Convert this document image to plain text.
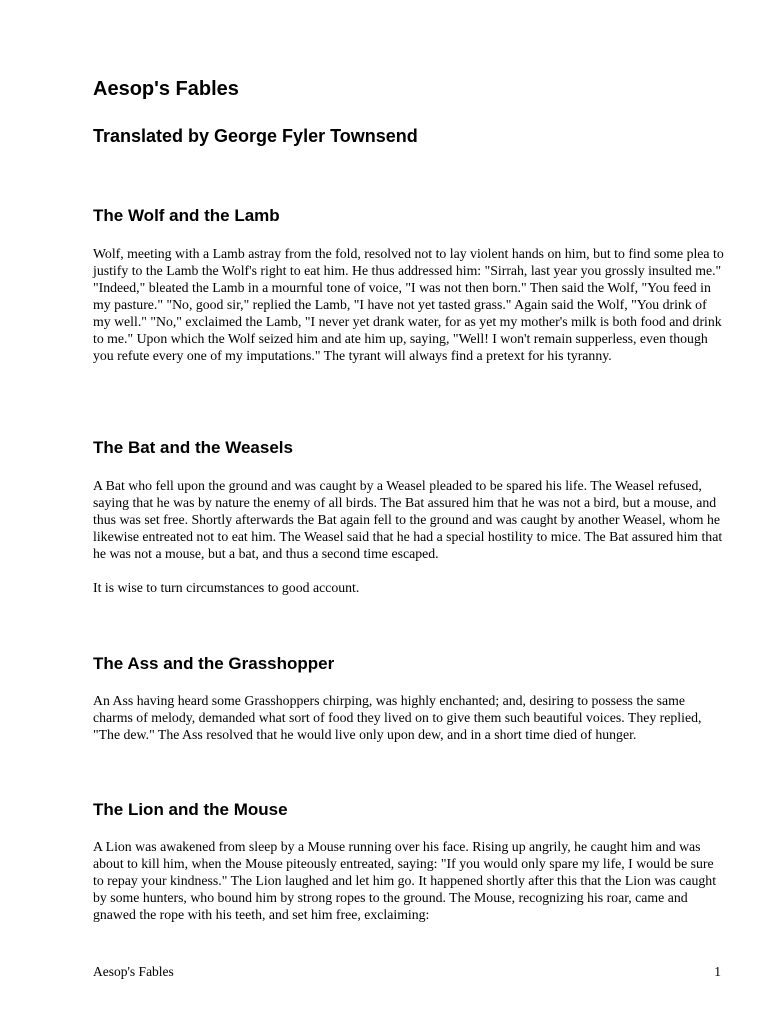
Aesop's Fables
Translated by George Fyler Townsend
The Wolf and the Lamb

Wolf, meeting with a Lamb astray from the fold, resolved not to lay violent hands on him, but to find some plea to justify to the Lamb the Wolf's right to eat him. He thus addressed him: "Sirrah, last year you grossly insulted me." "Indeed," bleated the Lamb in a mournful tone of voice, "I was not then born." Then said the Wolf, "You feed in my pasture." "No, good sir," replied the Lamb, "I have not yet tasted grass." Again said the Wolf, "You drink of my well." "No," exclaimed the Lamb, "I never yet drank water, for as yet my mother's milk is both food and drink to me." Upon which the Wolf seized him and ate him up, saying, "Well! I won't remain supperless, even though you refute every one of my imputations." The tyrant will always find a pretext for his tyranny.

The Bat and the Weasels

A Bat who fell upon the ground and was caught by a Weasel pleaded to be spared his life. The Weasel refused, saying that he was by nature the enemy of all birds. The Bat assured him that he was not a bird, but a mouse, and thus was set free. Shortly afterwards the Bat again fell to the ground and was caught by another Weasel, whom he likewise entreated not to eat him. The Weasel said that he had a special hostility to mice. The Bat assured him that he was not a mouse, but a bat, and thus a second time escaped.

It is wise to turn circumstances to good account.

The Ass and the Grasshopper

An Ass having heard some Grasshoppers chirping, was highly enchanted; and, desiring to possess the same charms of melody, demanded what sort of food they lived on to give them such beautiful voices. They replied, "The dew." The Ass resolved that he would live only upon dew, and in a short time died of hunger.

The Lion and the Mouse

A Lion was awakened from sleep by a Mouse running over his face. Rising up angrily, he caught him and was about to kill him, when the Mouse piteously entreated, saying: "If you would only spare my life, I would be sure to repay your kindness." The Lion laughed and let him go. It happened shortly after this that the Lion was caught by some hunters, who bound him by strong ropes to the ground. The Mouse, recognizing his roar, came and gnawed the rope with his teeth, and set him free, exclaiming:

Aesop's Fables	1
